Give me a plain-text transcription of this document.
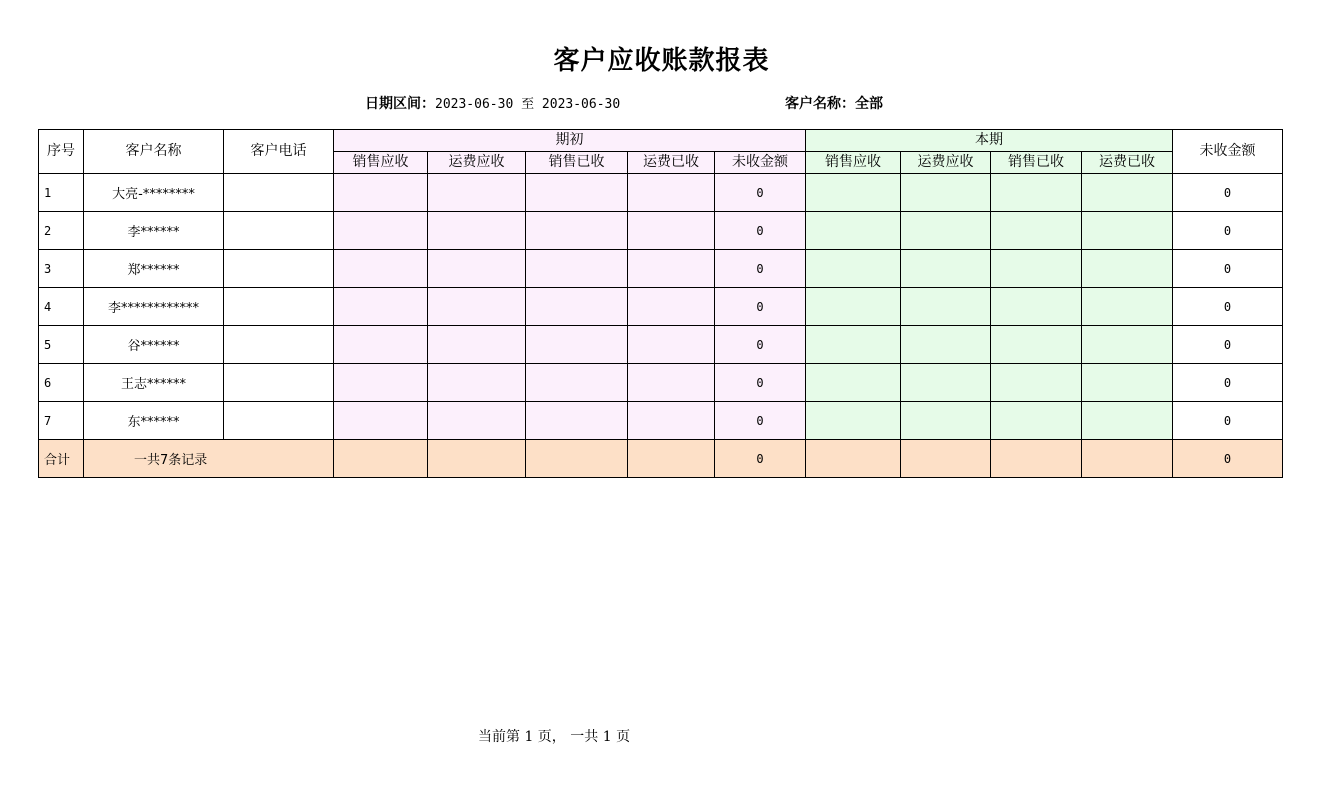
客户应收账款报表
日期区间：2023-06-30 至 2023-06-30	客户名称：全部
序号	客户名称	客户电话	期初					本期				未收金额
			销售应收	运费应收	销售已收	运费已收	未收金额	销售应收	运费应收	销售已收	运费已收	
1	大亮-********						0					0
2	李******						0					0
3	郑******						0					0
4	李************						0					0
5	谷******						0					0
6	王志******						0					0
7	东******						0					0
合计	一共7条记录						0					0
当前第 1 页， 一共 1 页
